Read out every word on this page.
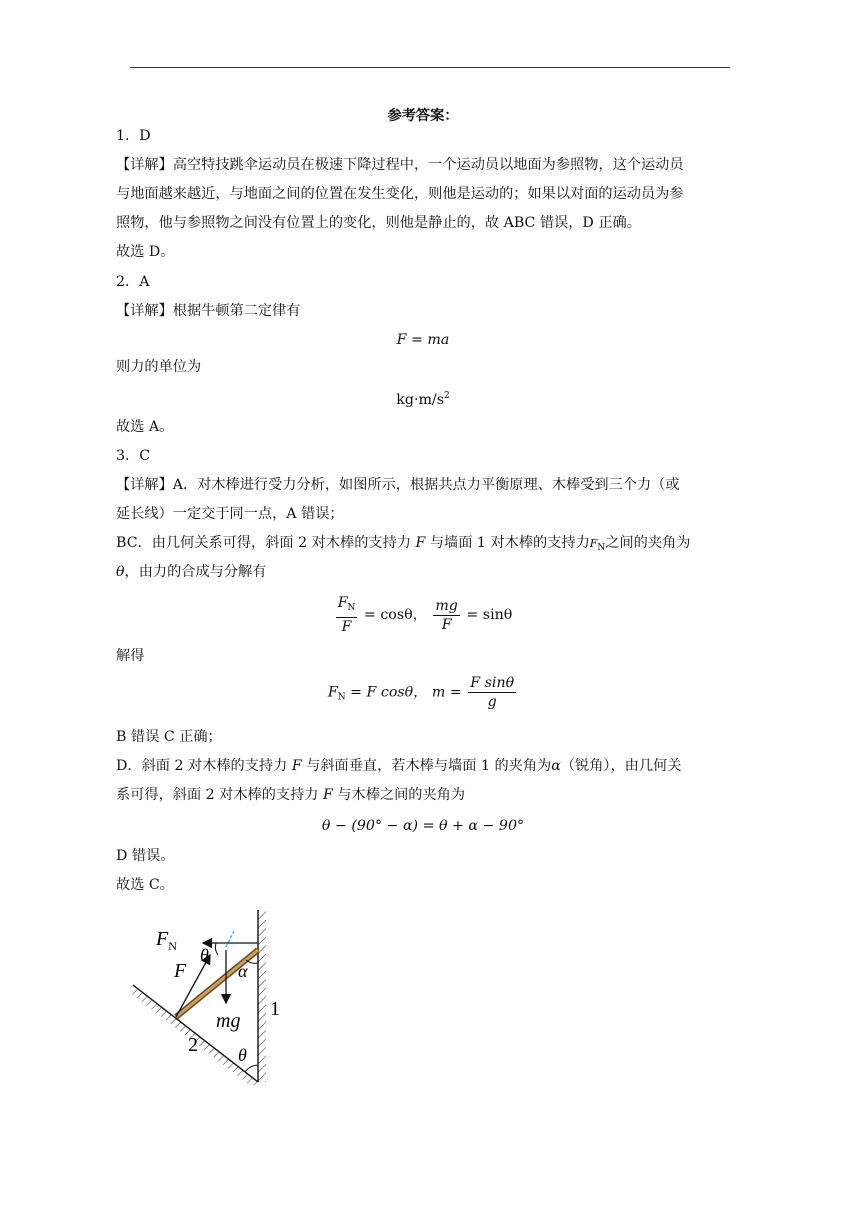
参考答案：
1．D
【详解】高空特技跳伞运动员在极速下降过程中，一个运动员以地面为参照物，这个运动员
与地面越来越近，与地面之间的位置在发生变化，则他是运动的；如果以对面的运动员为参
照物，他与参照物之间没有位置上的变化，则他是静止的，故 ABC 错误，D 正确。
故选 D。
2．A
【详解】根据牛顿第二定律有
F = ma
则力的单位为
$kg\cdot m/s^2$
故选 A。
3．C
【详解】A．对木棒进行受力分析，如图所示，根据共点力平衡原理、木棒受到三个力（或
延长线）一定交于同一点，A 错误；
BC．由几何关系可得，斜面 2 对木棒的支持力 F 与墙面 1 对木棒的支持力$F_N$之间的夹角为
θ，由力的合成与分解有
$\frac{F_N}{F} = \cos\theta$， $\frac{mg}{F} = \sin\theta$
解得
$F_N = F$ cosθ， $m = \frac{\text{F sinθ}}{g}$
B 错误 C 正确；
D．斜面 2 对木棒的支持力 F 与斜面垂直，若木棒与墙面 1 的夹角为α（锐角），由几何关
系可得，斜面 2 对木棒的支持力 F 与木棒之间的夹角为
θ − (90° − α) = θ + α − 90°
D 错误。
故选 C。
$F_N$ θ
F	α
mg
1
2 θ
